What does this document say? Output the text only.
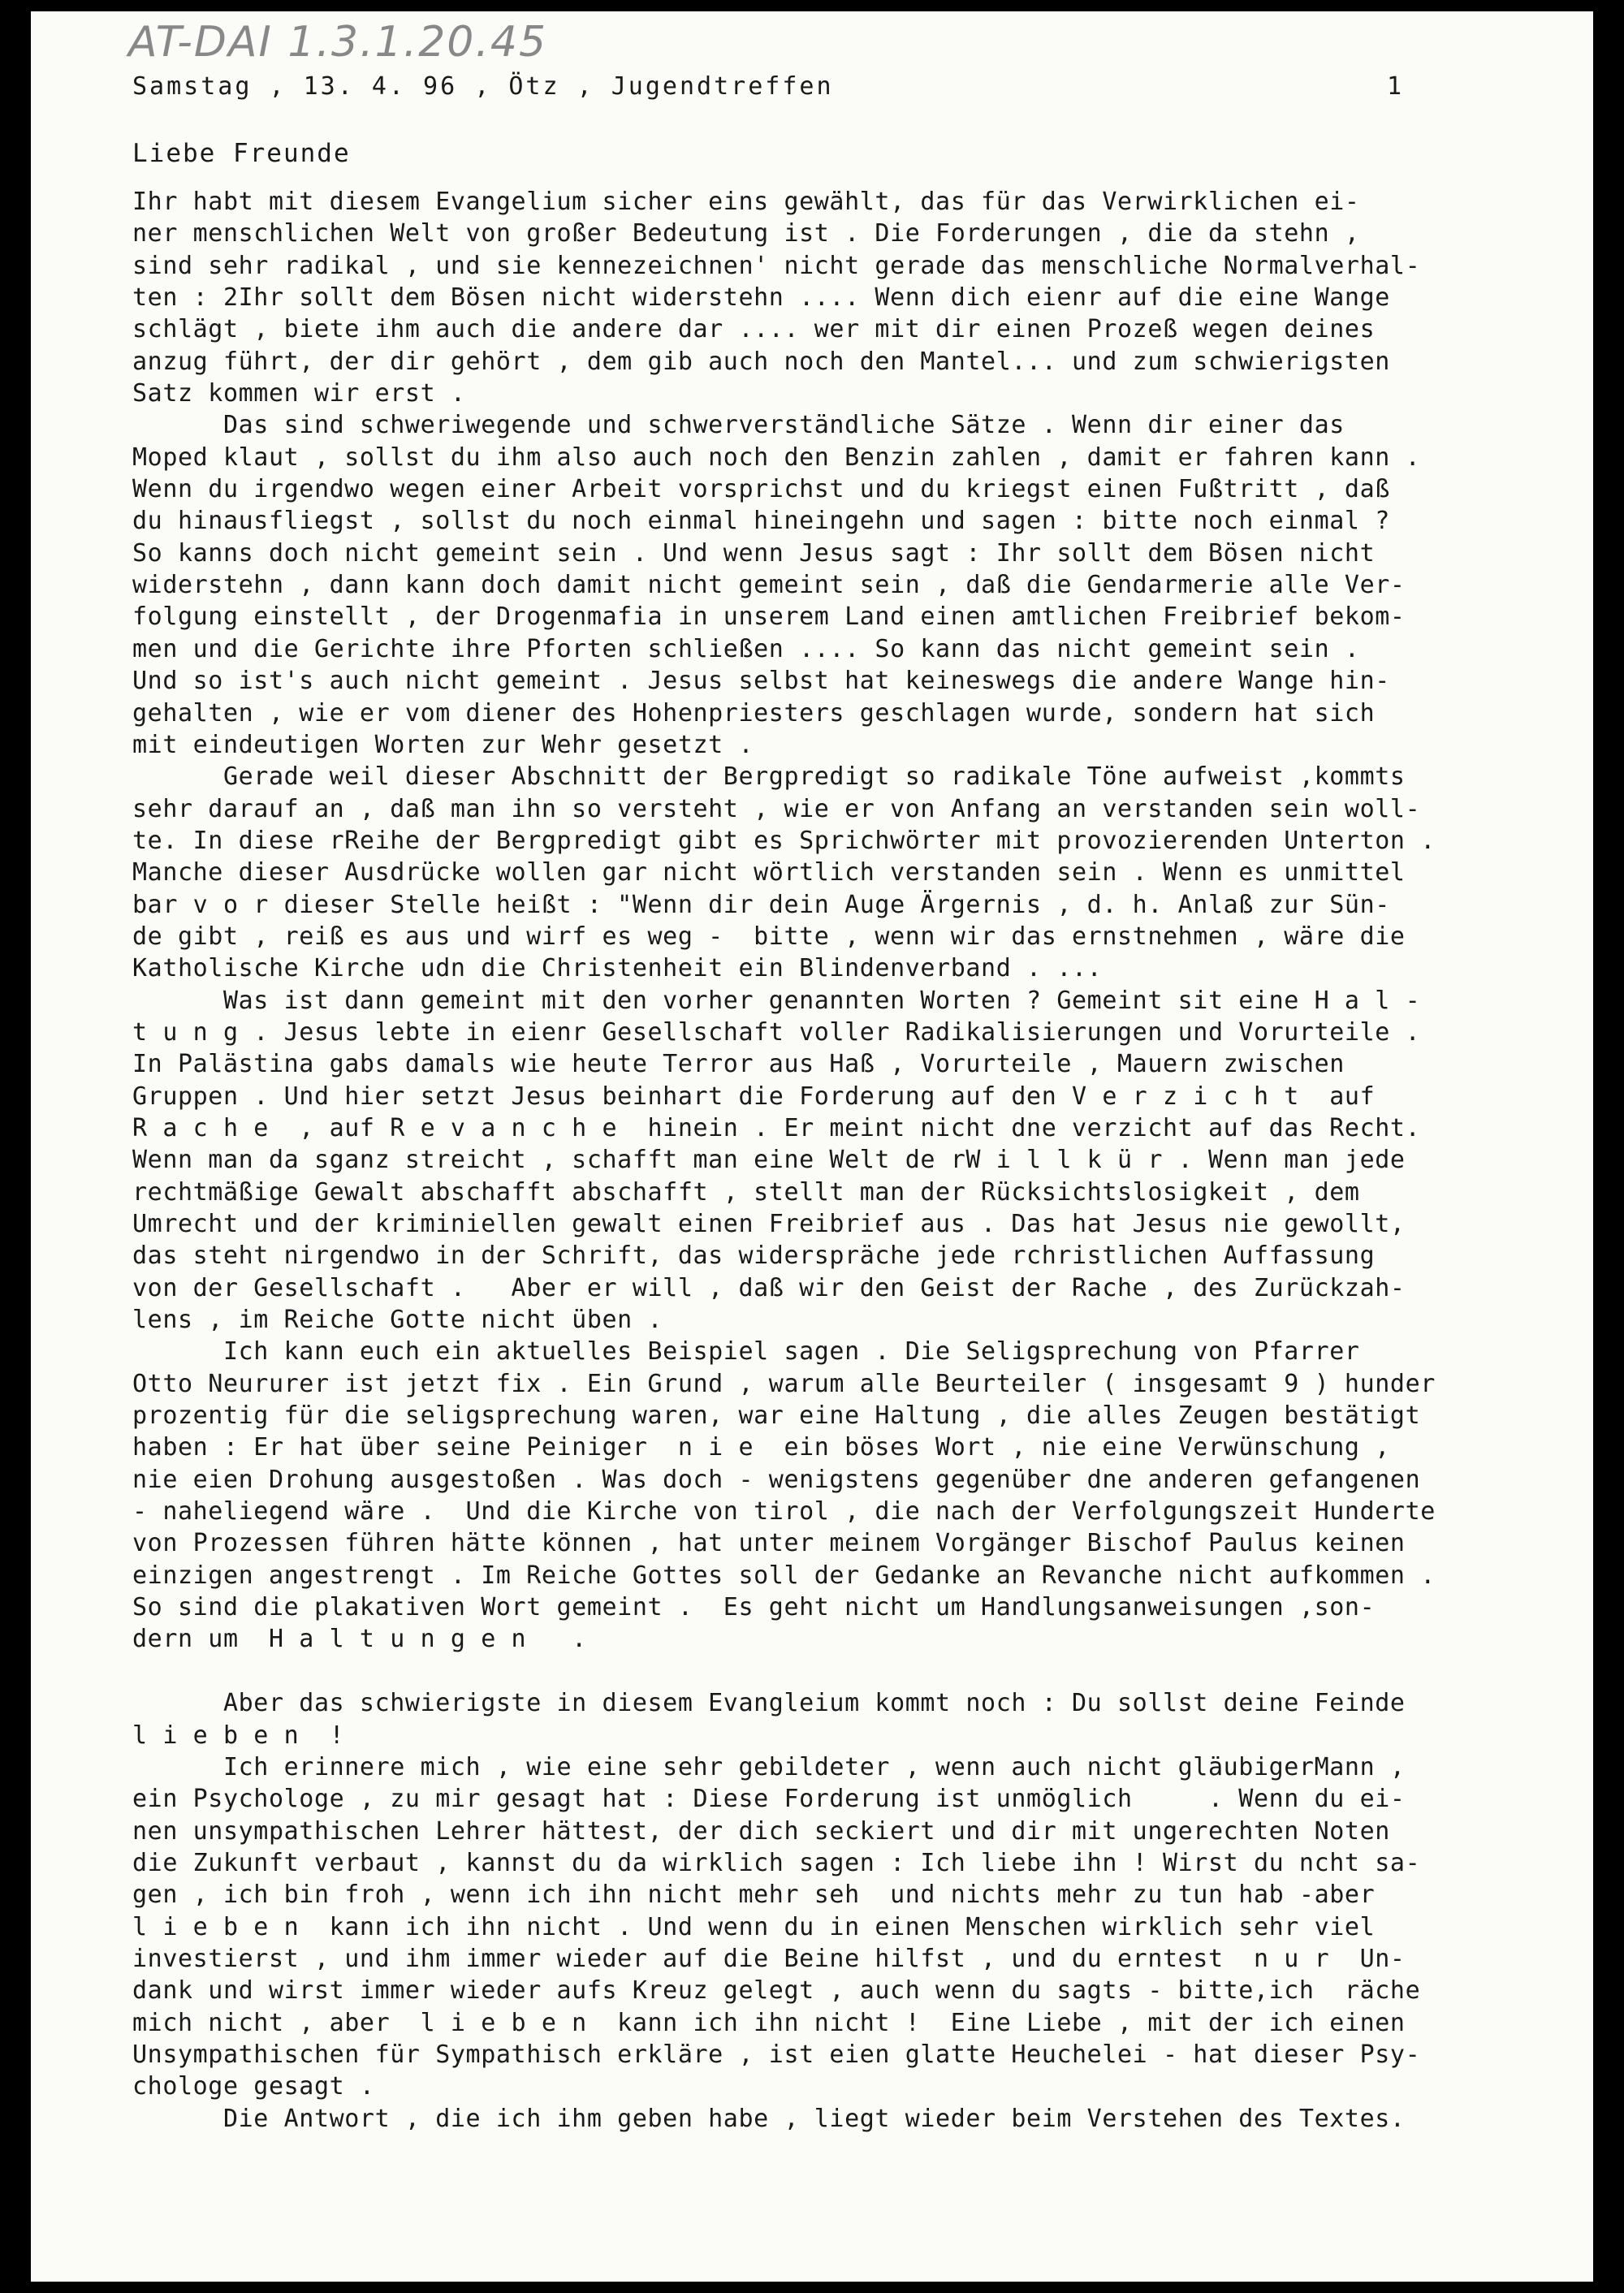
AT-DAI 1.3.1.20.45
Samstag , 13. 4. 96 , Ötz , Jugendtreffen	1
Liebe Freunde
Ihr habt mit diesem Evangelium sicher eins gewählt, das für das Verwirklichen ei-
ner menschlichen Welt von großer Bedeutung ist . Die Forderungen , die da stehn ,
sind sehr radikal , und sie kennezeichnen' nicht gerade das menschliche Normalverhal-
ten : 2Ihr sollt dem Bösen nicht widerstehn .... Wenn dich eienr auf die eine Wange
schlägt , biete ihm auch die andere dar .... wer mit dir einen Prozeß wegen deines
anzug führt, der dir gehört , dem gib auch noch den Mantel... und zum schwierigsten
Satz kommen wir erst .
Das sind schweriwegende und schwerverständliche Sätze . Wenn dir einer das
Moped klaut , sollst du ihm also auch noch den Benzin zahlen , damit er fahren kann .
Wenn du irgendwo wegen einer Arbeit vorsprichst und du kriegst einen Fußtritt , daß
du hinausfliegst , sollst du noch einmal hineingehn und sagen : bitte noch einmal ?
So kanns doch nicht gemeint sein . Und wenn Jesus sagt : Ihr sollt dem Bösen nicht
widerstehn , dann kann doch damit nicht gemeint sein , daß die Gendarmerie alle Ver-
folgung einstellt , der Drogenmafia in unserem Land einen amtlichen Freibrief bekom-
men und die Gerichte ihre Pforten schließen .... So kann das nicht gemeint sein .
Und so ist's auch nicht gemeint . Jesus selbst hat keineswegs die andere Wange hin-
gehalten , wie er vom diener des Hohenpriesters geschlagen wurde, sondern hat sich
mit eindeutigen Worten zur Wehr gesetzt .
Gerade weil dieser Abschnitt der Bergpredigt so radikale Töne aufweist ,kommts
sehr darauf an , daß man ihn so versteht , wie er von Anfang an verstanden sein woll-
te. In diese rReihe der Bergpredigt gibt es Sprichwörter mit provozierenden Unterton .
Manche dieser Ausdrücke wollen gar nicht wörtlich verstanden sein . Wenn es unmittel
bar v o r dieser Stelle heißt : "Wenn dir dein Auge Ärgernis , d. h. Anlaß zur Sün-
de gibt , reiß es aus und wirf es weg -  bitte , wenn wir das ernstnehmen , wäre die
Katholische Kirche udn die Christenheit ein Blindenverband . ...
Was ist dann gemeint mit den vorher genannten Worten ? Gemeint sit eine H a l -
t u n g . Jesus lebte in eienr Gesellschaft voller Radikalisierungen und Vorurteile .
In Palästina gabs damals wie heute Terror aus Haß , Vorurteile , Mauern zwischen
Gruppen . Und hier setzt Jesus beinhart die Forderung auf den V e r z i c h t  auf
R a c h e  , auf R e v a n c h e  hinein . Er meint nicht dne verzicht auf das Recht.
Wenn man da sganz streicht , schafft man eine Welt de rW i l l k ü r . Wenn man jede
rechtmäßige Gewalt abschafft abschafft , stellt man der Rücksichtslosigkeit , dem
Umrecht und der kriminiellen gewalt einen Freibrief aus . Das hat Jesus nie gewollt,
das steht nirgendwo in der Schrift, das widerspräche jede rchristlichen Auffassung
von der Gesellschaft .   Aber er will , daß wir den Geist der Rache , des Zurückzah-
lens , im Reiche Gotte nicht üben .
Ich kann euch ein aktuelles Beispiel sagen . Die Seligsprechung von Pfarrer
Otto Neururer ist jetzt fix . Ein Grund , warum alle Beurteiler ( insgesamt 9 ) hunder
prozentig für die seligsprechung waren, war eine Haltung , die alles Zeugen bestätigt
haben : Er hat über seine Peiniger  n i e  ein böses Wort , nie eine Verwünschung ,
nie eien Drohung ausgestoßen . Was doch - wenigstens gegenüber dne anderen gefangenen
- naheliegend wäre .  Und die Kirche von tirol , die nach der Verfolgungszeit Hunderte
von Prozessen führen hätte können , hat unter meinem Vorgänger Bischof Paulus keinen
einzigen angestrengt . Im Reiche Gottes soll der Gedanke an Revanche nicht aufkommen .
So sind die plakativen Wort gemeint .  Es geht nicht um Handlungsanweisungen ,son-
dern um  H a l t u n g e n   .
Aber das schwierigste in diesem Evangleium kommt noch : Du sollst deine Feinde
l i e b e n  !
Ich erinnere mich , wie eine sehr gebildeter , wenn auch nicht gläubigerMann ,
ein Psychologe , zu mir gesagt hat : Diese Forderung ist unmöglich     . Wenn du ei-
nen unsympathischen Lehrer hättest, der dich seckiert und dir mit ungerechten Noten
die Zukunft verbaut , kannst du da wirklich sagen : Ich liebe ihn ! Wirst du ncht sa-
gen , ich bin froh , wenn ich ihn nicht mehr seh  und nichts mehr zu tun hab -aber
l i e b e n  kann ich ihn nicht . Und wenn du in einen Menschen wirklich sehr viel
investierst , und ihm immer wieder auf die Beine hilfst , und du erntest  n u r  Un-
dank und wirst immer wieder aufs Kreuz gelegt , auch wenn du sagts - bitte,ich  räche
mich nicht , aber  l i e b e n  kann ich ihn nicht !  Eine Liebe , mit der ich einen
Unsympathischen für Sympathisch erkläre , ist eien glatte Heuchelei - hat dieser Psy-
chologe gesagt .
Die Antwort , die ich ihm geben habe , liegt wieder beim Verstehen des Textes.
